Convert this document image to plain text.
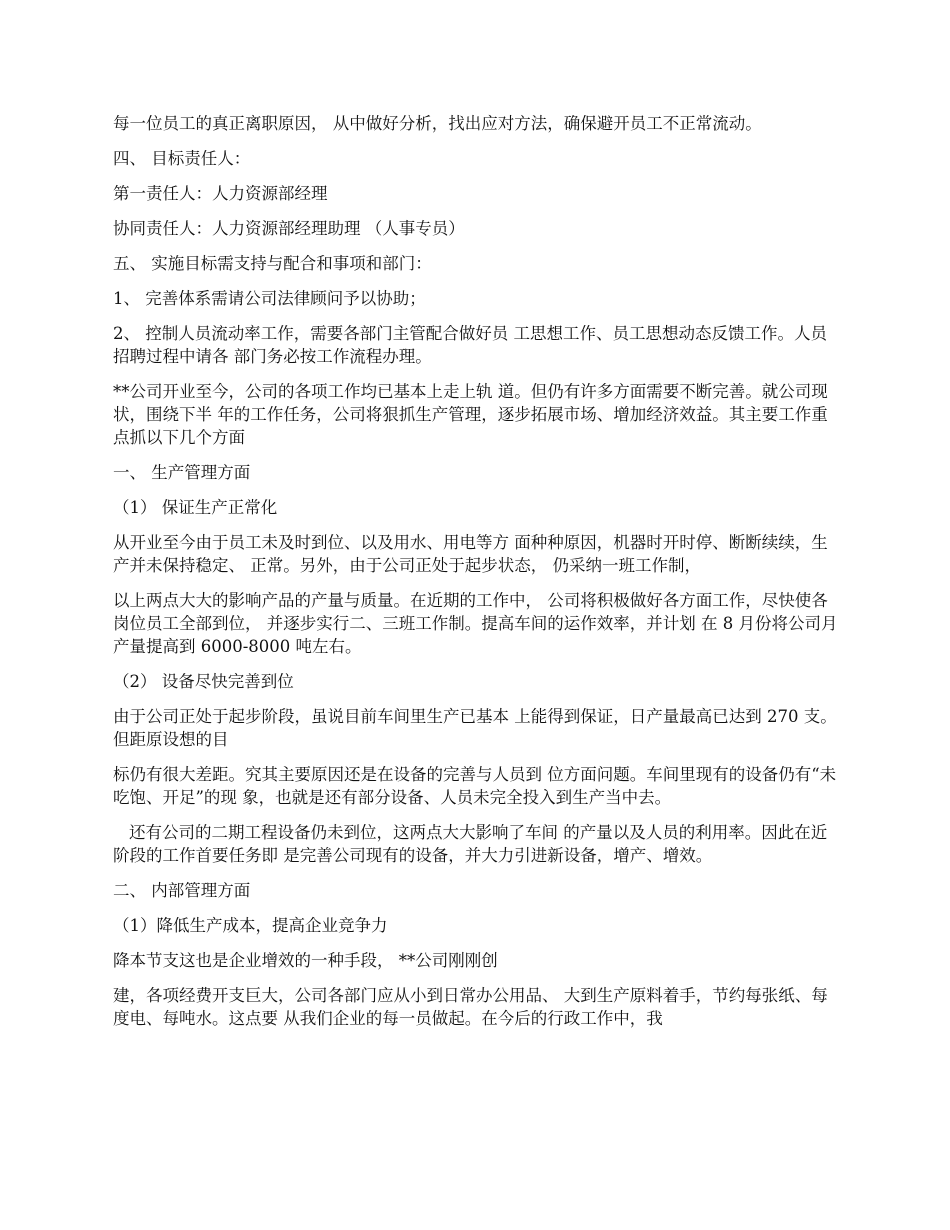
每一位员工的真正离职原因， 从中做好分析，找出应对方法，确保避开员工不正常流动。

四、 目标责任人：

第一责任人：人力资源部经理

协同责任人：人力资源部经理助理 （人事专员）

五、 实施目标需支持与配合和事项和部门：

1、 完善体系需请公司法律顾问予以协助；

2、 控制人员流动率工作，需要各部门主管配合做好员 工思想工作、员工思想动态反馈工作。人员招聘过程中请各 部门务必按工作流程办理。

**公司开业至今，公司的各项工作均已基本上走上轨 道。但仍有许多方面需要不断完善。就公司现状，围绕下半 年的工作任务，公司将狠抓生产管理，逐步拓展市场、增加经济效益。其主要工作重点抓以下几个方面

一、 生产管理方面

（1） 保证生产正常化

从开业至今由于员工未及时到位、以及用水、用电等方 面种种原因，机器时开时停、断断续续，生产并未保持稳定、 正常。另外，由于公司正处于起步状态， 仍采纳一班工作制，

以上两点大大的影响产品的产量与质量。在近期的工作中， 公司将积极做好各方面工作，尽快使各岗位员工全部到位， 并逐步实行二、三班工作制。提高车间的运作效率，并计划 在 8 月份将公司月产量提高到 6000-8000 吨左右。

（2） 设备尽快完善到位

由于公司正处于起步阶段，虽说目前车间里生产已基本 上能得到保证，日产量最高已达到 270 支。但距原设想的目

标仍有很大差距。究其主要原因还是在设备的完善与人员到 位方面问题。车间里现有的设备仍有“未吃饱、开足”的现 象，也就是还有部分设备、人员未完全投入到生产当中去。

还有公司的二期工程设备仍未到位，这两点大大影响了车间 的产量以及人员的利用率。因此在近阶段的工作首要任务即 是完善公司现有的设备，并大力引进新设备，增产、增效。

二、 内部管理方面

（1）降低生产成本，提高企业竞争力

降本节支这也是企业增效的一种手段， **公司刚刚创

建，各项经费开支巨大，公司各部门应从小到日常办公用品、 大到生产原料着手，节约每张纸、每度电、每吨水。这点要 从我们企业的每一员做起。在今后的行政工作中，我
